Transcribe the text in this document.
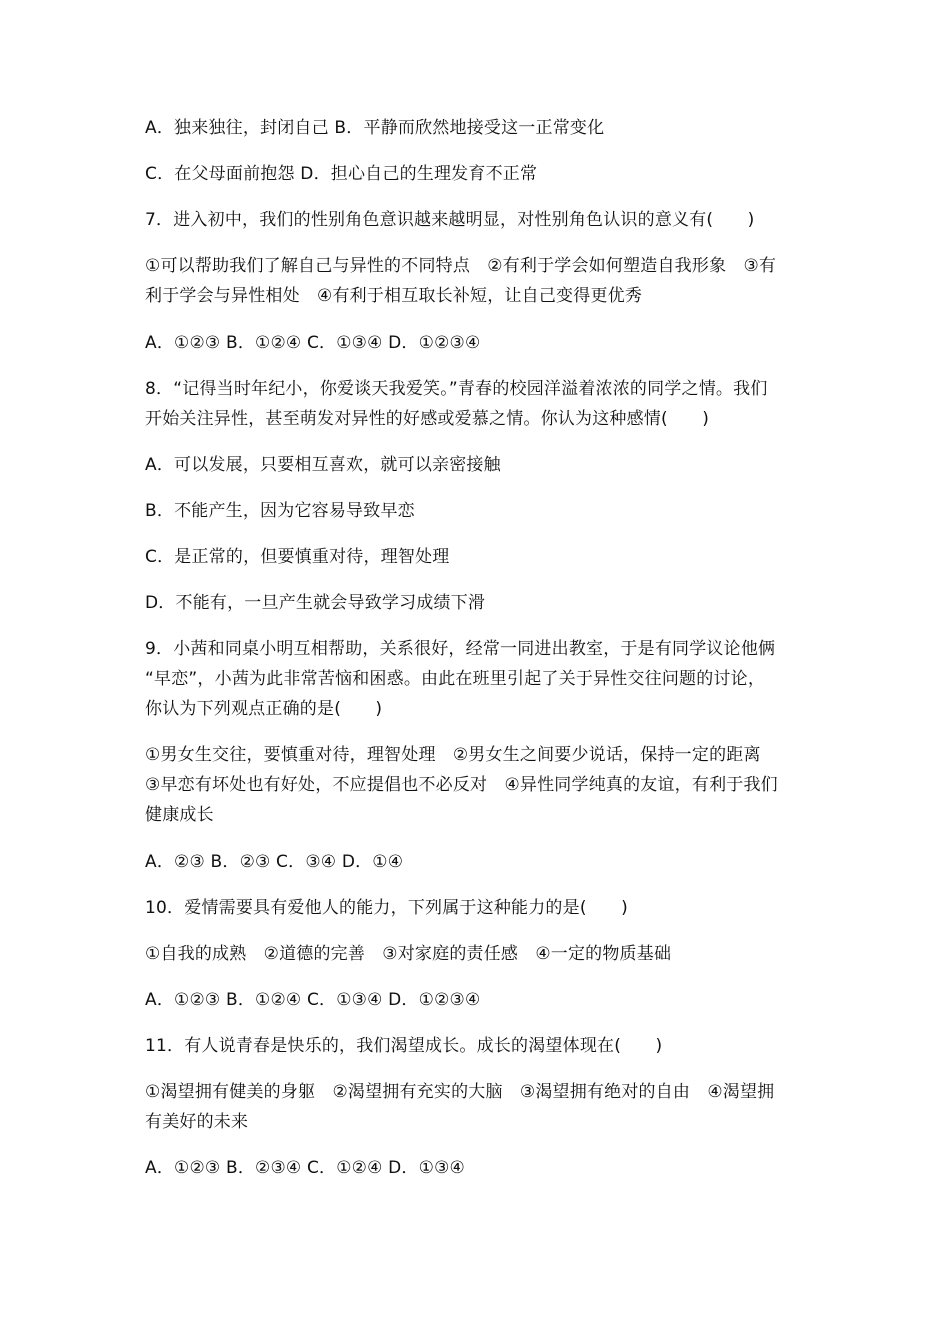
A．独来独往，封闭自己 B．平静而欣然地接受这一正常变化
C．在父母面前抱怨 D．担心自己的生理发育不正常
7．进入初中，我们的性别角色意识越来越明显，对性别角色认识的意义有(　　)
①可以帮助我们了解自己与异性的不同特点　②有利于学会如何塑造自我形象　③有
利于学会与异性相处　④有利于相互取长补短，让自己变得更优秀
A．①②③ B．①②④ C．①③④ D．①②③④
8．“记得当时年纪小，你爱谈天我爱笑。”青春的校园洋溢着浓浓的同学之情。我们
开始关注异性，甚至萌发对异性的好感或爱慕之情。你认为这种感情(　　)
A．可以发展，只要相互喜欢，就可以亲密接触
B．不能产生，因为它容易导致早恋
C．是正常的，但要慎重对待，理智处理
D．不能有，一旦产生就会导致学习成绩下滑
9．小茜和同桌小明互相帮助，关系很好，经常一同进出教室，于是有同学议论他俩
“早恋”，小茜为此非常苦恼和困惑。由此在班里引起了关于异性交往问题的讨论，
你认为下列观点正确的是(　　)
①男女生交往，要慎重对待，理智处理　②男女生之间要少说话，保持一定的距离
③早恋有坏处也有好处，不应提倡也不必反对　④异性同学纯真的友谊，有利于我们
健康成长
A．②③ B．②③ C．③④ D．①④
10．爱情需要具有爱他人的能力，下列属于这种能力的是(　　)
①自我的成熟　②道德的完善　③对家庭的责任感　④一定的物质基础
A．①②③ B．①②④ C．①③④ D．①②③④
11．有人说青春是快乐的，我们渴望成长。成长的渴望体现在(　　)
①渴望拥有健美的身躯　②渴望拥有充实的大脑　③渴望拥有绝对的自由　④渴望拥
有美好的未来
A．①②③ B．②③④ C．①②④ D．①③④
